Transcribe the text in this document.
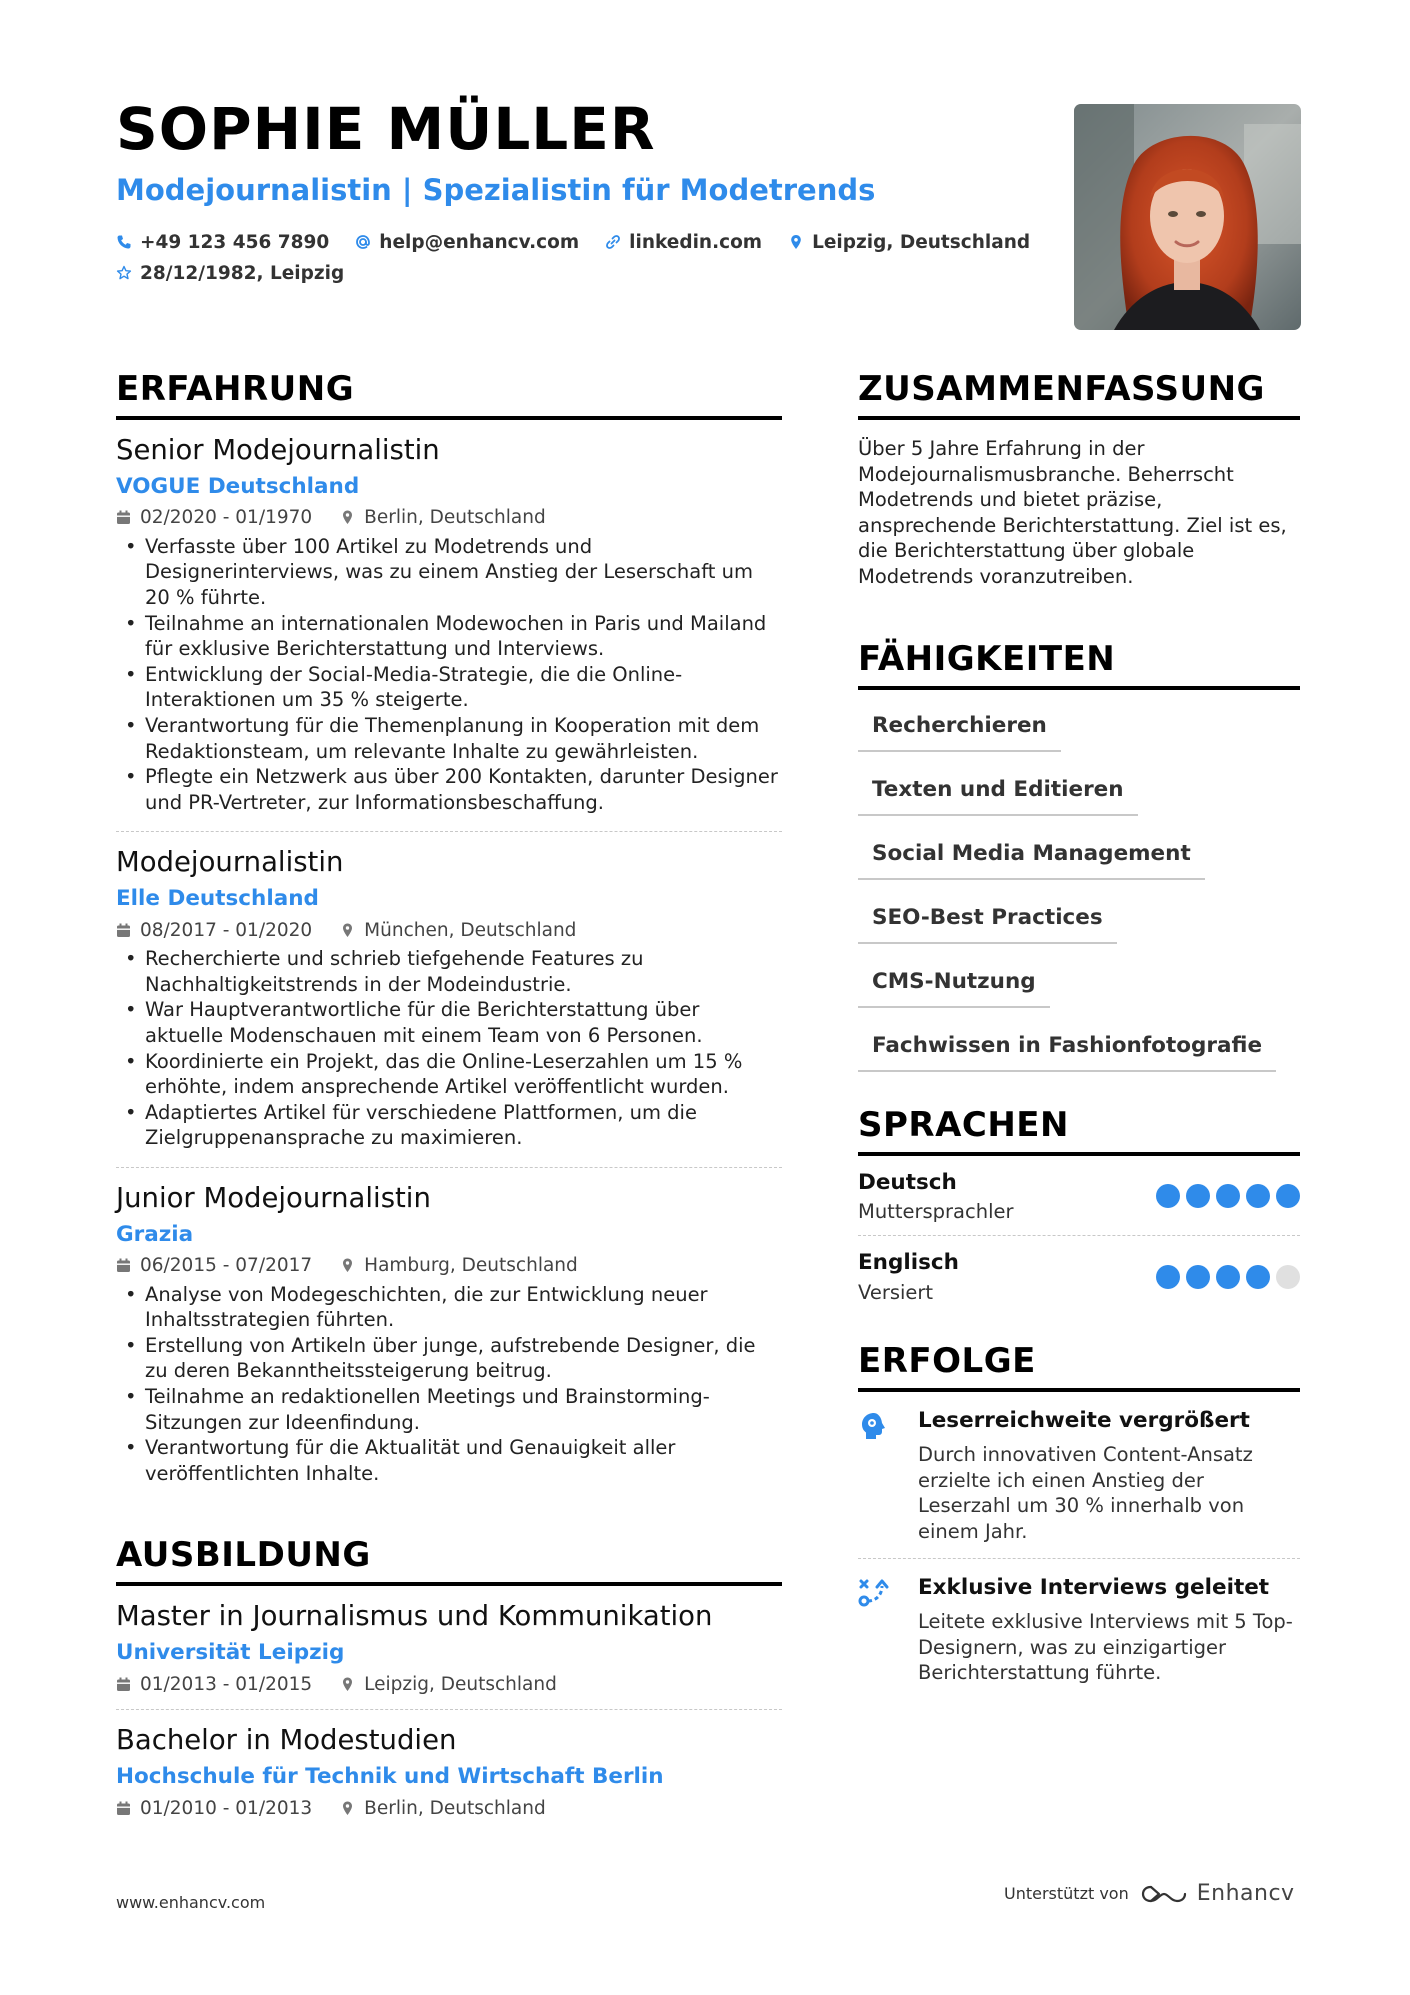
SOPHIE MÜLLER
Modejournalistin | Spezialistin für Modetrends
+49 123 456 7890	help@enhancv.com	linkedin.com	Leipzig, Deutschland
28/12/1982, Leipzig
ERFAHRUNG
Senior Modejournalistin
VOGUE Deutschland
02/2020 - 01/1970	Berlin, Deutschland
• Verfasste über 100 Artikel zu Modetrends und Designerinterviews, was zu einem Anstieg der Leserschaft um 20 % führte.
• Teilnahme an internationalen Modewochen in Paris und Mailand für exklusive Berichterstattung und Interviews.
• Entwicklung der Social-Media-Strategie, die die Online-Interaktionen um 35 % steigerte.
• Verantwortung für die Themenplanung in Kooperation mit dem Redaktionsteam, um relevante Inhalte zu gewährleisten.
• Pflegte ein Netzwerk aus über 200 Kontakten, darunter Designer und PR-Vertreter, zur Informationsbeschaffung.
Modejournalistin
Elle Deutschland
08/2017 - 01/2020	München, Deutschland
• Recherchierte und schrieb tiefgehende Features zu Nachhaltigkeitstrends in der Modeindustrie.
• War Hauptverantwortliche für die Berichterstattung über aktuelle Modenschauen mit einem Team von 6 Personen.
• Koordinierte ein Projekt, das die Online-Leserzahlen um 15 % erhöhte, indem ansprechende Artikel veröffentlicht wurden.
• Adaptiertes Artikel für verschiedene Plattformen, um die Zielgruppenansprache zu maximieren.
Junior Modejournalistin
Grazia
06/2015 - 07/2017	Hamburg, Deutschland
• Analyse von Modegeschichten, die zur Entwicklung neuer Inhaltsstrategien führten.
• Erstellung von Artikeln über junge, aufstrebende Designer, die zu deren Bekanntheitssteigerung beitrug.
• Teilnahme an redaktionellen Meetings und Brainstorming-Sitzungen zur Ideenfindung.
• Verantwortung für die Aktualität und Genauigkeit aller veröffentlichten Inhalte.
AUSBILDUNG
Master in Journalismus und Kommunikation
Universität Leipzig
01/2013 - 01/2015	Leipzig, Deutschland
Bachelor in Modestudien
Hochschule für Technik und Wirtschaft Berlin
01/2010 - 01/2013	Berlin, Deutschland
ZUSAMMENFASSUNG
Über 5 Jahre Erfahrung in der Modejournalismusbranche. Beherrscht Modetrends und bietet präzise, ansprechende Berichterstattung. Ziel ist es, die Berichterstattung über globale Modetrends voranzutreiben.
FÄHIGKEITEN
Recherchieren
Texten und Editieren
Social Media Management
SEO-Best Practices
CMS-Nutzung
Fachwissen in Fashionfotografie
SPRACHEN
Deutsch
Muttersprachler
Englisch
Versiert
ERFOLGE
Leserreichweite vergrößert
Durch innovativen Content-Ansatz erzielte ich einen Anstieg der Leserzahl um 30 % innerhalb von einem Jahr.
Exklusive Interviews geleitet
Leitete exklusive Interviews mit 5 Top-Designern, was zu einzigartiger Berichterstattung führte.
www.enhancv.com	Unterstützt von	Enhancv
